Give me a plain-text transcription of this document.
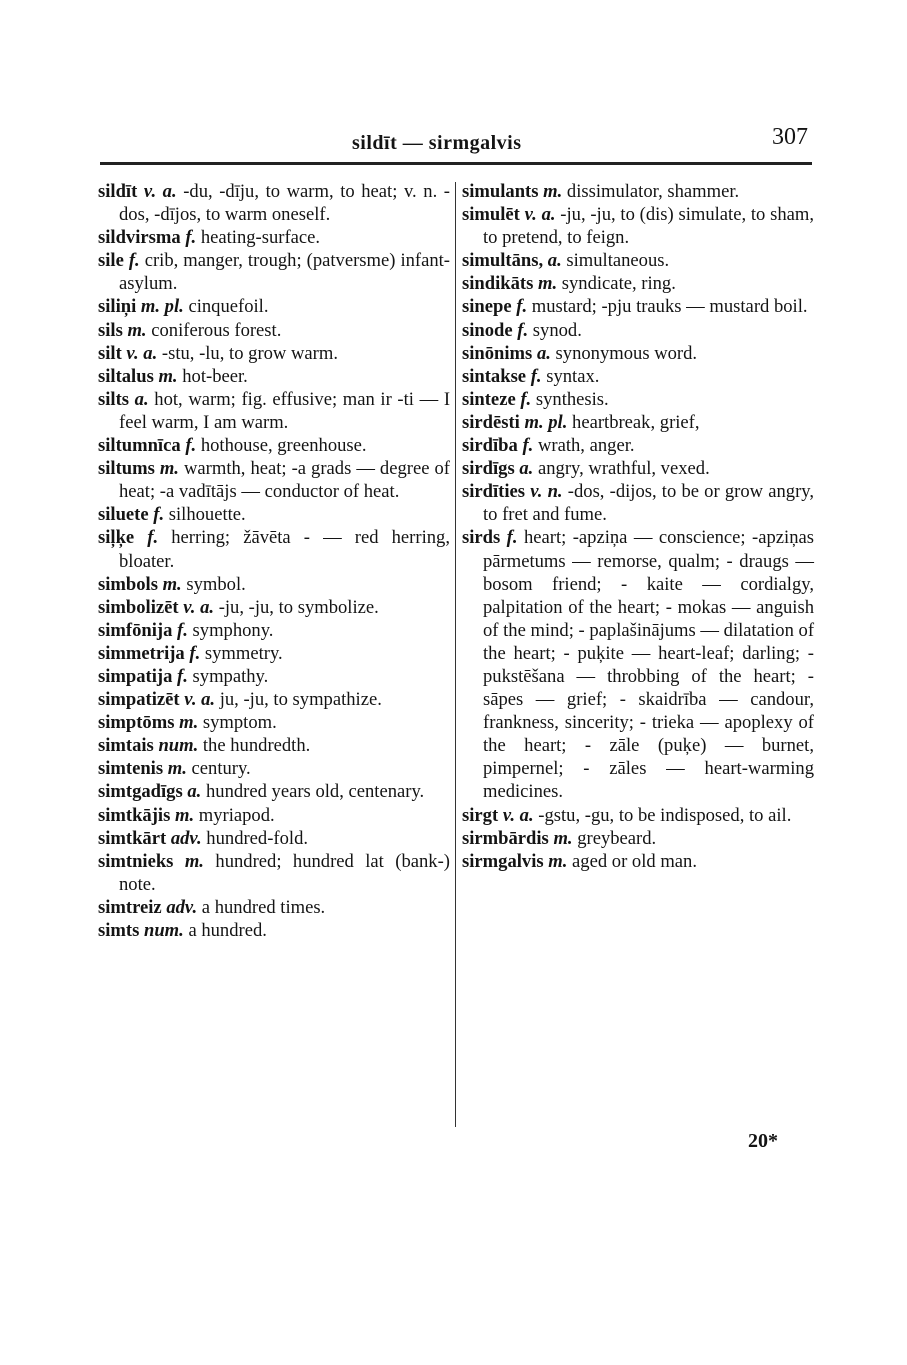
sildīt — sirmgalvis	307
sildīt v. a. -du, -dīju, to warm, to heat; v. n. -dos, -dījos, to warm oneself.
sildvirsma f. heating-surface.
sile f. crib, manger, trough; (patversme) infant-asylum.
siliņi m. pl. cinquefoil.
sils m. coniferous forest.
silt v. a. -stu, -lu, to grow warm.
siltalus m. hot-beer.
silts a. hot, warm; fig. effusive; man ir -ti — I feel warm, I am warm.
siltumnīca f. hothouse, greenhouse.
siltums m. warmth, heat; -a grads — degree of heat; -a vadītājs — conductor of heat.
siluete f. silhouette.
siļķe f. herring; žāvēta - — red herring, bloater.
simbols m. symbol.
simbolizēt v. a. -ju, -ju, to symbolize.
simfōnija f. symphony.
simmetrija f. symmetry.
simpatija f. sympathy.
simpatizēt v. a. ju, -ju, to sympathize.
simptōms m. symptom.
simtais num. the hundredth.
simtenis m. century.
simtgadīgs a. hundred years old, centenary.
simtkājis m. myriapod.
simtkārt adv. hundred-fold.
simtnieks m. hundred; hundred lat (bank-) note.
simtreiz adv. a hundred times.
simts num. a hundred.
simulants m. dissimulator, shammer.
simulēt v. a. -ju, -ju, to (dis) simulate, to sham, to pretend, to feign.
simultāns, a. simultaneous.
sindikāts m. syndicate, ring.
sinepe f. mustard; -pju trauks — mustard boil.
sinode f. synod.
sinōnims a. synonymous word.
sintakse f. syntax.
sinteze f. synthesis.
sirdēsti m. pl. heartbreak, grief,
sirdība f. wrath, anger.
sirdīgs a. angry, wrathful, vexed.
sirdīties v. n. -dos, -dijos, to be or grow angry, to fret and fume.
sirds f. heart; -apziņa — conscience; -apziņas pārmetums — remorse, qualm; - draugs — bosom friend; - kaite — cordialgy, palpitation of the heart; - mokas — anguish of the mind; - paplašinājums — dilatation of the heart; - puķite — heart-leaf; darling; - pukstēšana — throbbing of the heart; - sāpes — grief; - skaidrība — candour, frankness, sincerity; - trieka — apoplexy of the heart; - zāle (puķe) — burnet, pimpernel; - zāles — heart-warming medicines.
sirgt v. a. -gstu, -gu, to be indisposed, to ail.
sirmbārdis m. greybeard.
sirmgalvis m. aged or old man.
20*
